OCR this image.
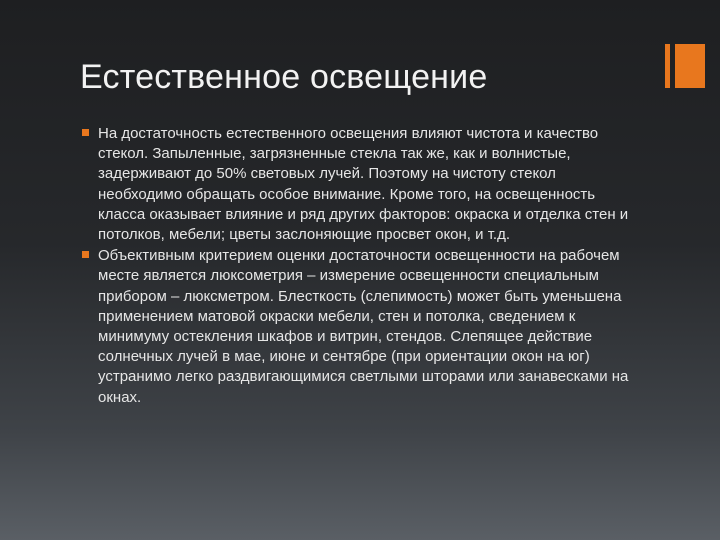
Естественное освещение
На достаточность естественного освещения влияют чистота и качество стекол. Запыленные, загрязненные стекла так же, как и волнистые, задерживают до 50% световых лучей. Поэтому на чистоту стекол необходимо обращать особое внимание. Кроме того, на освещенность класса оказывает влияние и ряд других факторов: окраска и отделка стен и потолков, мебели; цветы заслоняющие просвет окон, и т.д.
Объективным критерием оценки достаточности освещенности на рабочем месте является люксометрия – измерение освещенности специальным прибором – люксметром. Блесткость (слепимость) может быть уменьшена применением матовой окраски мебели, стен и потолка, сведением к минимуму остекления шкафов и витрин, стендов. Слепящее действие солнечных лучей в мае, июне и сентябре (при ориентации окон на юг) устранимо легко раздвигающимися светлыми шторами или занавесками на окнах.
